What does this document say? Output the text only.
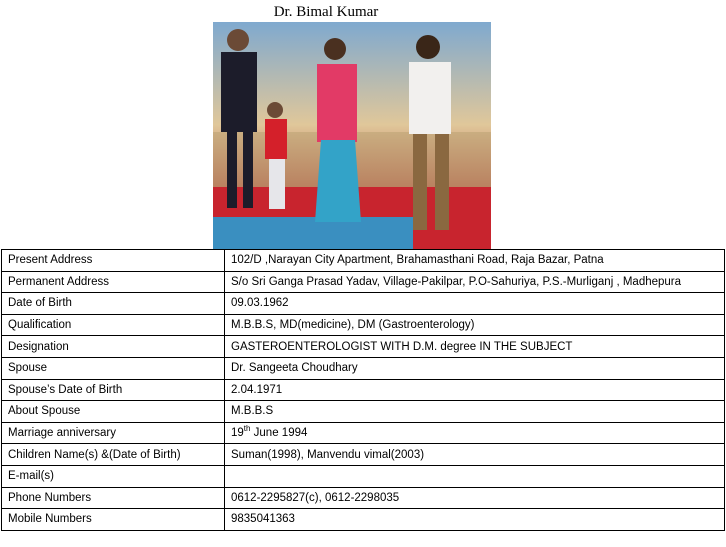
Dr. Bimal Kumar
Present Address	102/D ,Narayan City Apartment, Brahamasthani Road, Raja Bazar, Patna
Permanent Address	S/o Sri Ganga Prasad Yadav, Village-Pakilpar, P.O-Sahuriya, P.S.-Murliganj , Madhepura
Date of Birth	09.03.1962
Qualification	M.B.B.S, MD(medicine), DM (Gastroenterology)
Designation	GASTEROENTEROLOGIST WITH D.M. degree IN THE SUBJECT
Spouse	Dr. Sangeeta Choudhary
Spouse’s Date of Birth	2.04.1971
About Spouse	M.B.B.S
Marriage anniversary	19th June 1994
Children Name(s) &(Date of Birth)	Suman(1998), Manvendu vimal(2003)
E-mail(s)	
Phone Numbers	0612-2295827(c), 0612-2298035
Mobile Numbers	9835041363
